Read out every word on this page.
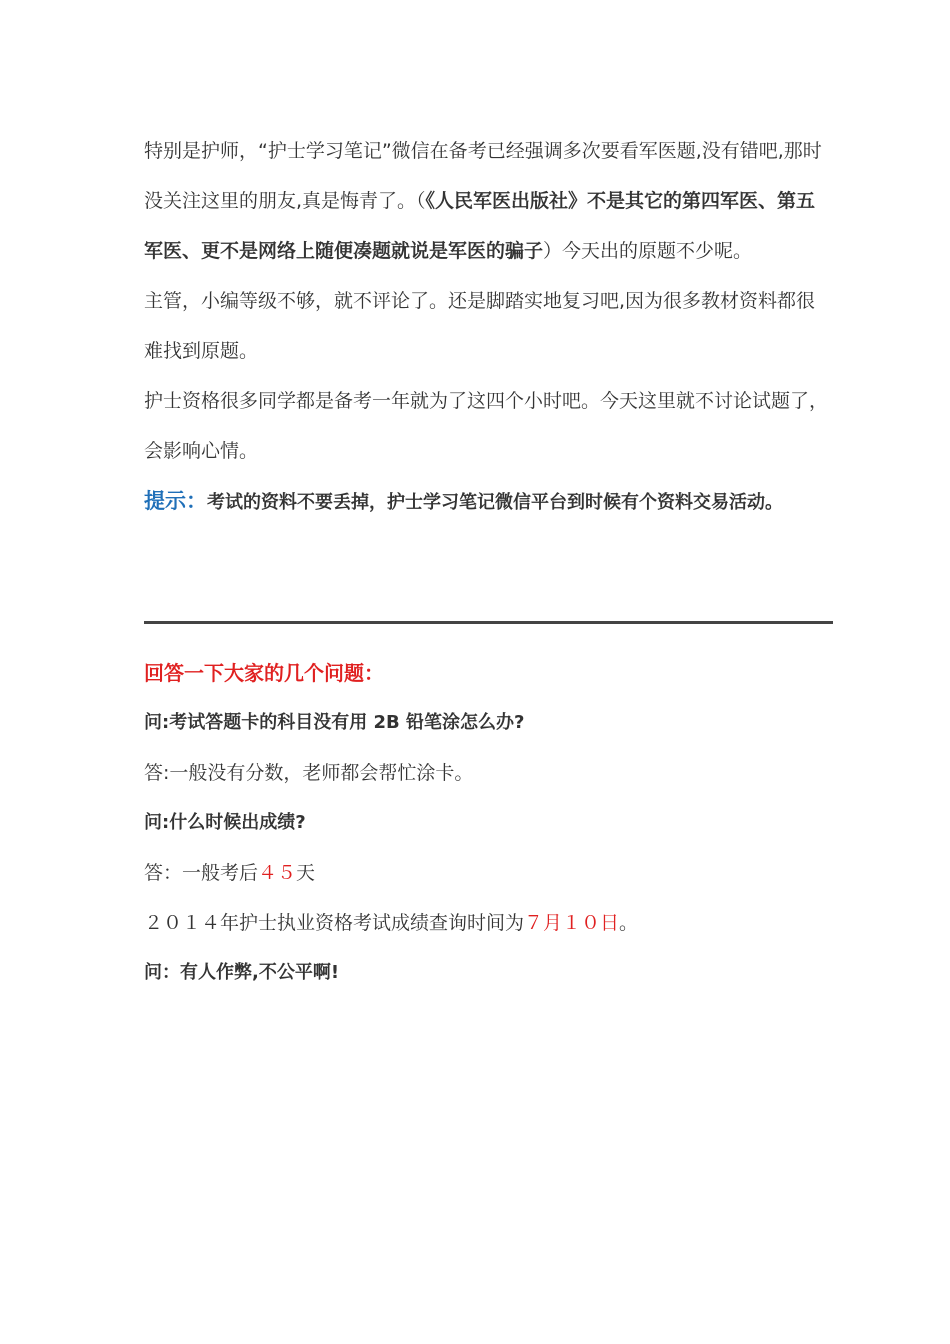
特别是护师，“护士学习笔记”微信在备考已经强调多次要看军医题,没有错吧,那时没关注这里的朋友,真是悔青了。（《人民军医出版社》不是其它的第四军医、第五军医、更不是网络上随便凑题就说是军医的骗子）今天出的原题不少呢。

主管，小编等级不够，就不评论了。还是脚踏实地复习吧,因为很多教材资料都很难找到原题。

护士资格很多同学都是备考一年就为了这四个小时吧。今天这里就不讨论试题了，会影响心情。

提示：考试的资料不要丢掉，护士学习笔记微信平台到时候有个资料交易活动。

回答一下大家的几个问题：

问:考试答题卡的科目没有用 2B 铅笔涂怎么办?

答:一般没有分数，老师都会帮忙涂卡。

问:什么时候出成绩?

答：一般考后４５天

２０１４年护士执业资格考试成绩查询时间为７月１０日。

问：有人作弊,不公平啊!
